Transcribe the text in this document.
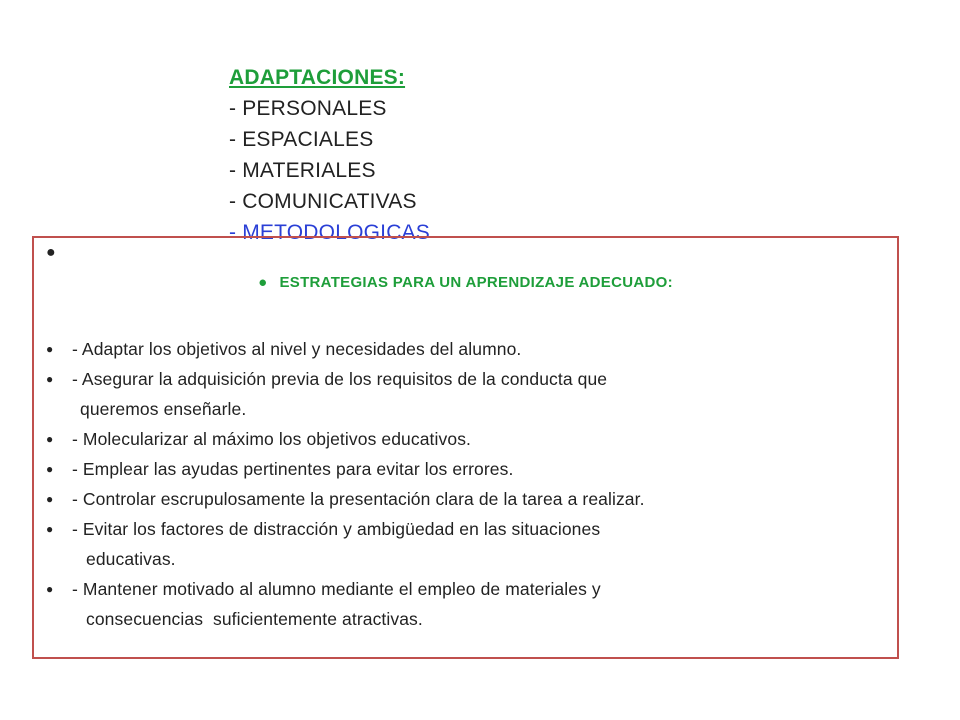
ADAPTACIONES:
- PERSONALES
- ESPACIALES
- MATERIALES
- COMUNICATIVAS
- METODOLOGICAS
●
● ESTRATEGIAS PARA UN APRENDIZAJE ADECUADO:
● - Adaptar los objetivos al nivel y necesidades del alumno.
● - Asegurar la adquisición previa de los requisitos de la conducta que
queremos enseñarle.
● - Molecularizar al máximo los objetivos educativos.
● - Emplear las ayudas pertinentes para evitar los errores.
● - Controlar escrupulosamente la presentación clara de la tarea a realizar.
● - Evitar los factores de distracción y ambigüedad en las situaciones
educativas.
● - Mantener motivado al alumno mediante el empleo de materiales y
consecuencias  suficientemente atractivas.
